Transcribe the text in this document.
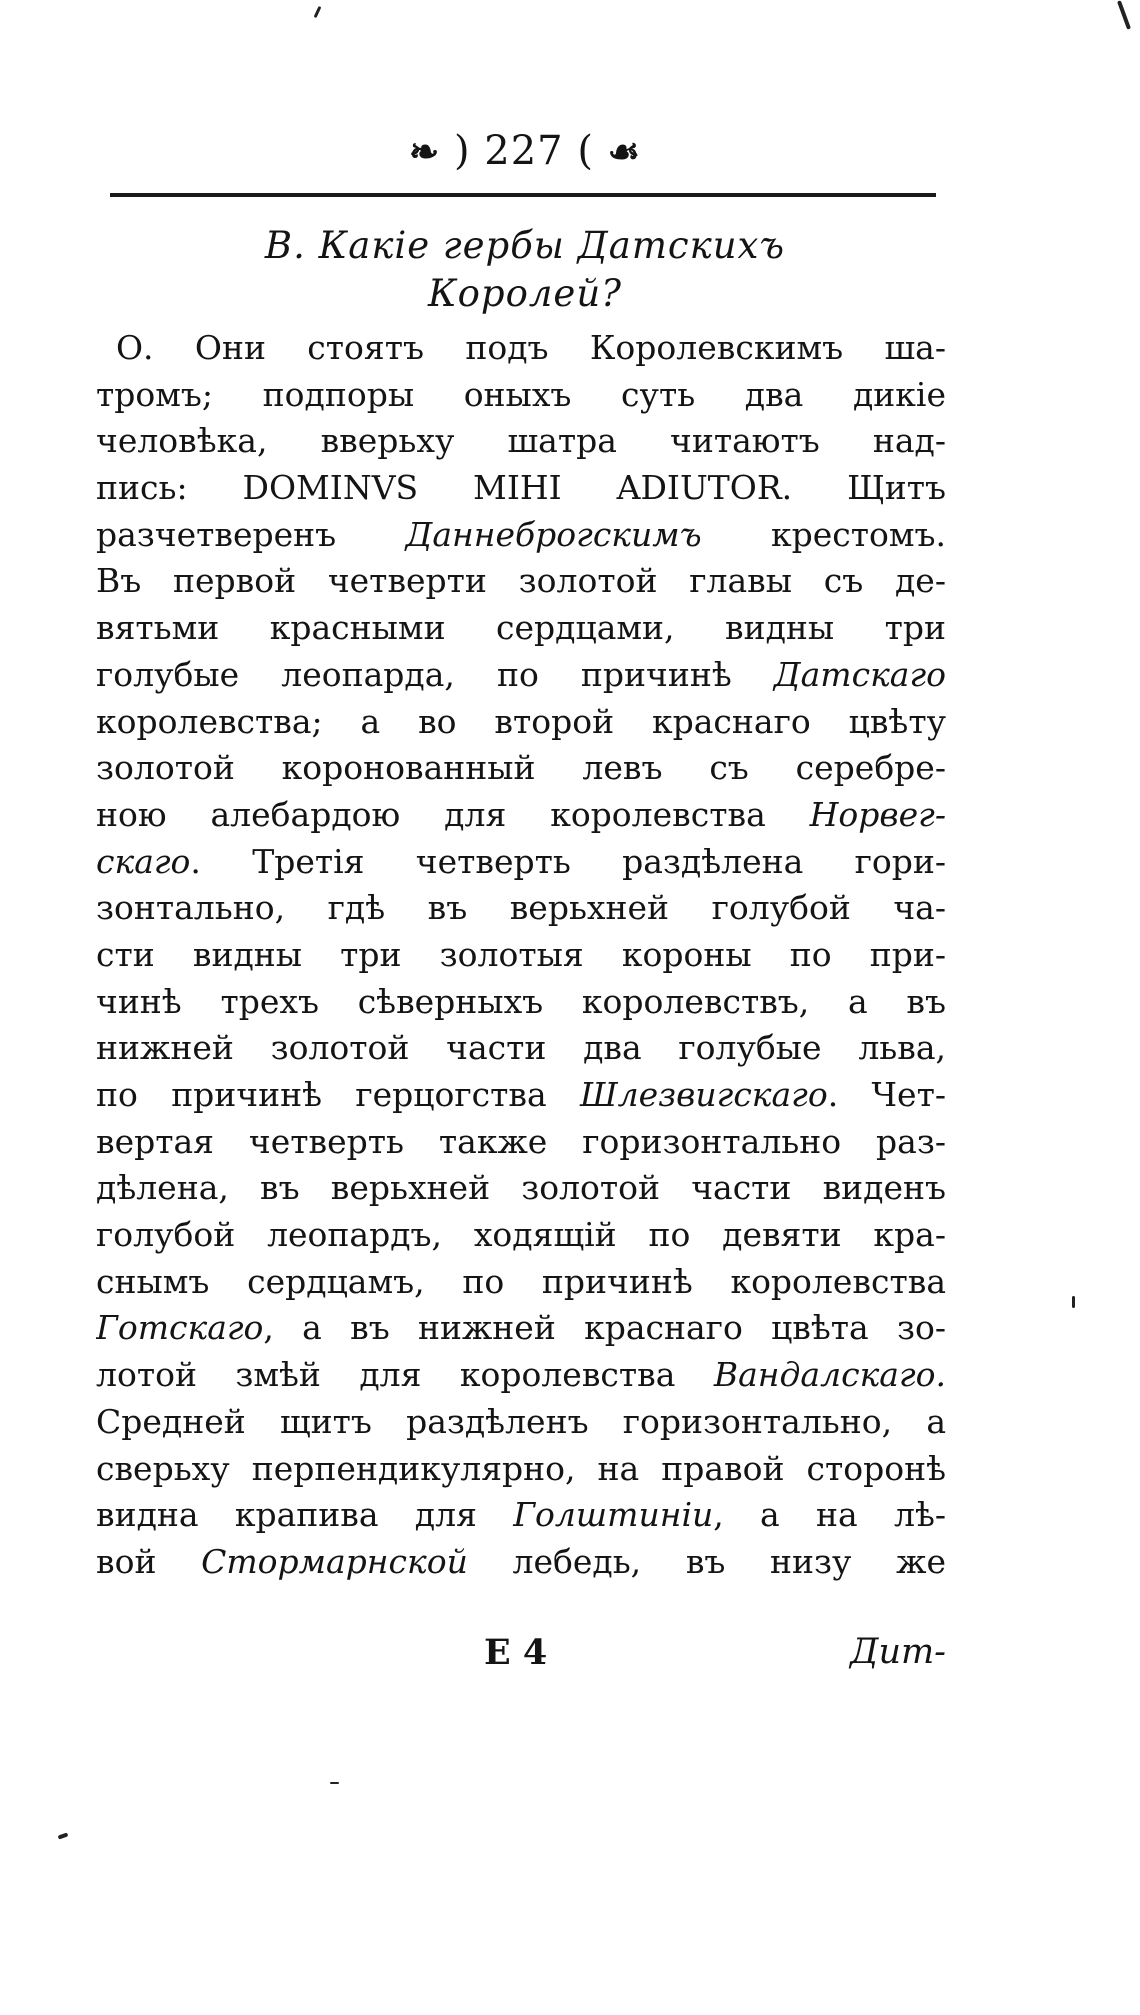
❧ ) 227 ( ☙
В. Какiе гербы Датскихъ
Королей?
О. Они стоятъ подъ Королевскимъ ша-
тромъ; подпоры оныхъ суть два дикiе
человѣка, вверьху шатра читаютъ над-
пись: DOMINVS MIHI ADIUTOR. Щитъ
разчетверенъ Даннеброгскимъ крестомъ.
Въ первой четверти золотой главы съ де-
вятьми красными сердцами, видны три
голубые леопарда, по причинѣ Датскаго
королевства; а во второй краснаго цвѣту
золотой коронованный левъ съ серебре-
ною алебардою для королевства Норвег-
скаго. Третiя четверть раздѣлена гори-
зонтально, гдѣ въ верьхней голубой ча-
сти видны три золотыя короны по при-
чинѣ трехъ сѣверныхъ королевствъ, а въ
нижней золотой части два голубые льва,
по причинѣ герцогства Шлезвигскаго. Чет-
вертая четверть также горизонтально раз-
дѣлена, въ верьхней золотой части виденъ
голубой леопардъ, ходящiй по девяти кра-
снымъ сердцамъ, по причинѣ королевства
Готскаго, а въ нижней краснаго цвѣта зо-
лотой змѣй для королевства Вандалскаго.
Средней щитъ раздѣленъ горизонтально, а
сверьху перпендикулярно, на правой сторонѣ
видна крапива для Голштинiи, а на лѣ-
вой Стормарнской лебедь, въ низу же
E 4	Дит-
